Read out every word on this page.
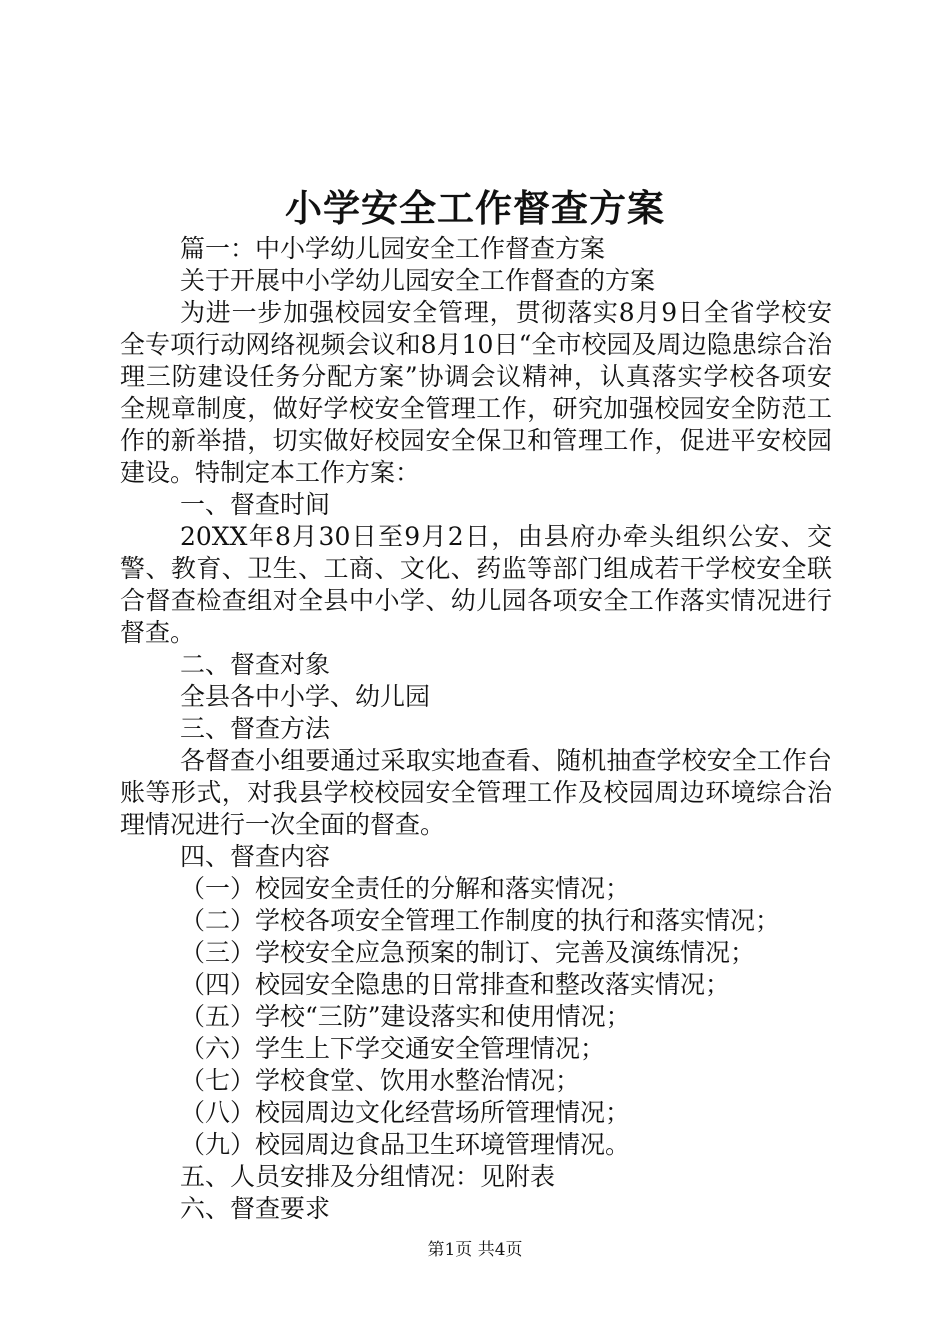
小学安全工作督查方案

篇一：中小学幼儿园安全工作督查方案

关于开展中小学幼儿园安全工作督查的方案

为进一步加强校园安全管理，贯彻落实8月9日全省学校安全专项行动网络视频会议和8月10日“全市校园及周边隐患综合治理三防建设任务分配方案”协调会议精神，认真落实学校各项安全规章制度，做好学校安全管理工作，研究加强校园安全防范工作的新举措，切实做好校园安全保卫和管理工作，促进平安校园建设。特制定本工作方案：

一、督查时间

20XX年8月30日至9月2日，由县府办牵头组织公安、交警、教育、卫生、工商、文化、药监等部门组成若干学校安全联合督查检查组对全县中小学、幼儿园各项安全工作落实情况进行督查。

二、督查对象

全县各中小学、幼儿园

三、督查方法

各督查小组要通过采取实地查看、随机抽查学校安全工作台账等形式，对我县学校校园安全管理工作及校园周边环境综合治理情况进行一次全面的督查。

四、督查内容

（一）校园安全责任的分解和落实情况；

（二）学校各项安全管理工作制度的执行和落实情况；

（三）学校安全应急预案的制订、完善及演练情况；

（四）校园安全隐患的日常排查和整改落实情况；

（五）学校“三防”建设落实和使用情况；

（六）学生上下学交通安全管理情况；

（七）学校食堂、饮用水整治情况；

（八）校园周边文化经营场所管理情况；

（九）校园周边食品卫生环境管理情况。

五、人员安排及分组情况：见附表

六、督查要求

第1页 共4页
